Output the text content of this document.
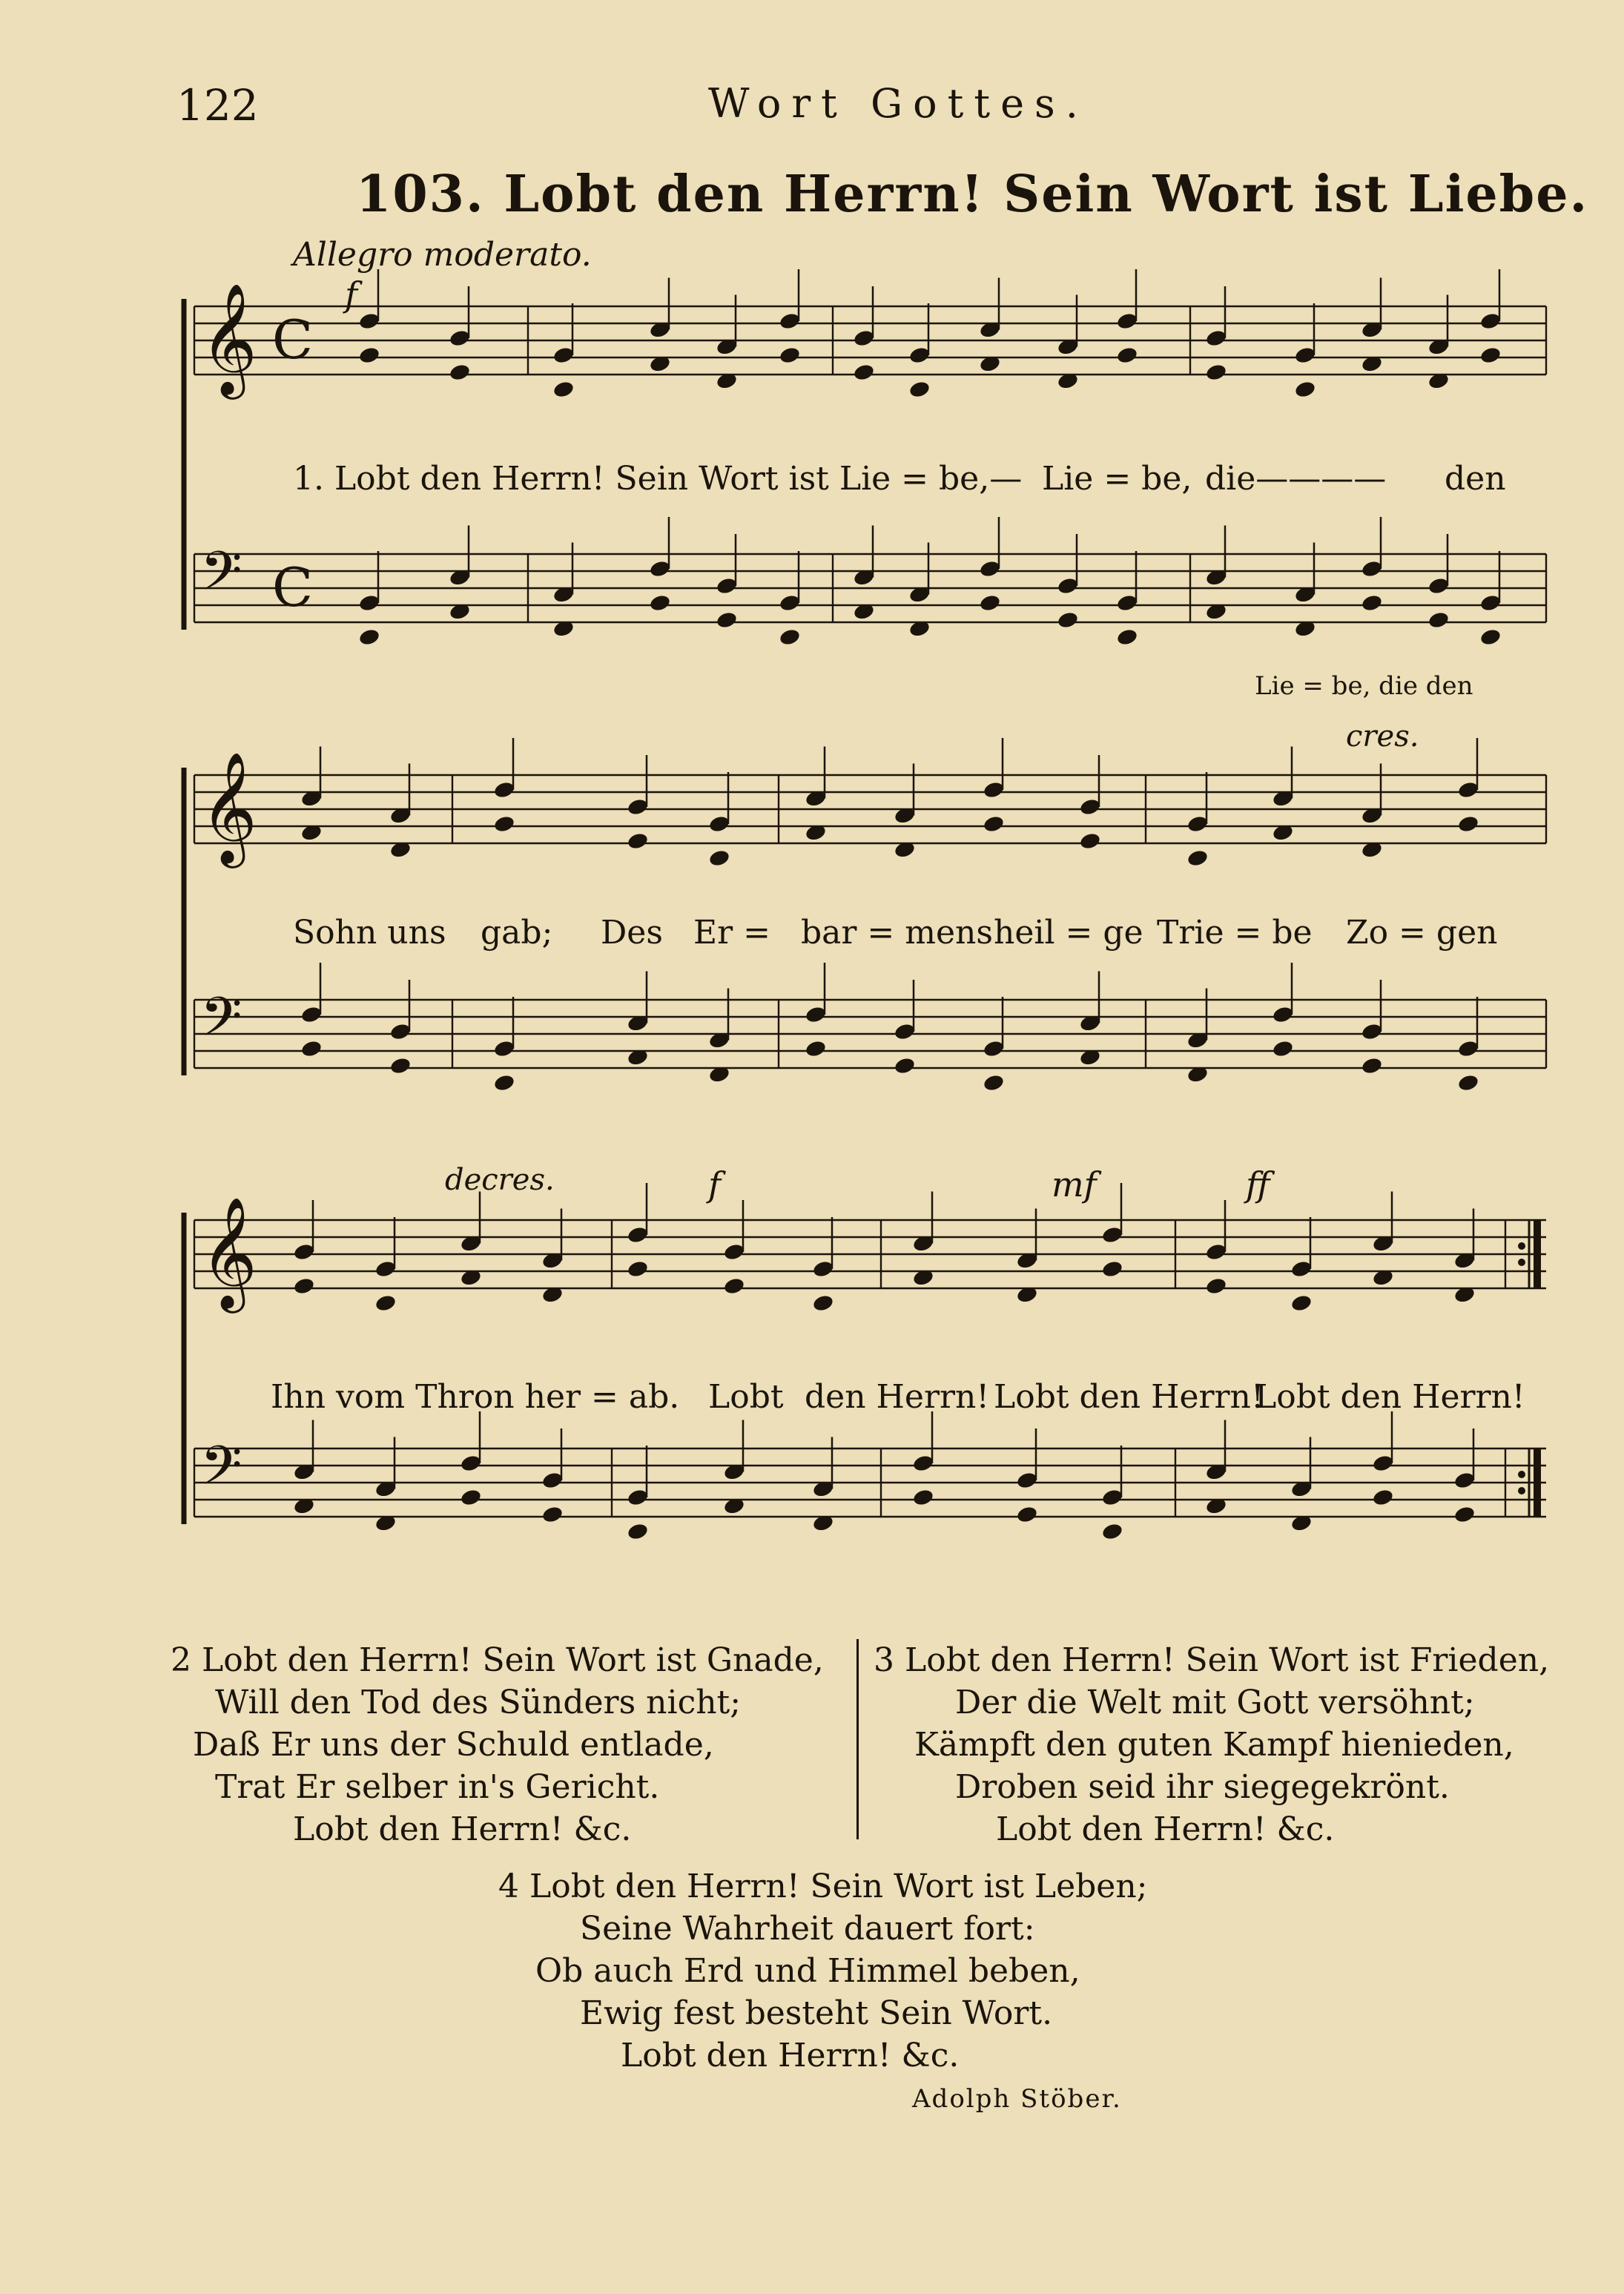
122	Wort Gottes.
103. Lobt den Herrn! Sein Wort ist Liebe.
Allegro moderato.
𝄞 C
𝄢 C
𝄞
𝄢
𝄞
𝄢
f
cres.
decres.	f	mf	ff
1. Lobt den Herrn! Sein Wort ist Lie = be,— Lie = be, die———— den
Lie = be, die den
Sohn uns gab; Des Er = bar = mens heil = ge Trie = be Zo = gen
Ihn vom Thron her = ab. Lobt den Herrn! Lobt den Herrn!
Lobt den Herrn!
2 Lobt den Herrn! Sein Wort ist Gnade,
Will den Tod des Sünders nicht;
Daß Er uns der Schuld entlade,
Trat Er selber in's Gericht.
Lobt den Herrn! &c.
3 Lobt den Herrn! Sein Wort ist Frieden,
Der die Welt mit Gott versöhnt;
Kämpft den guten Kampf hienieden,
Droben seid ihr siegegekrönt.
Lobt den Herrn! &c.
4 Lobt den Herrn! Sein Wort ist Leben;
Seine Wahrheit dauert fort:
Ob auch Erd und Himmel beben,
Ewig fest besteht Sein Wort.
Lobt den Herrn! &c.
Adolph Stöber.
